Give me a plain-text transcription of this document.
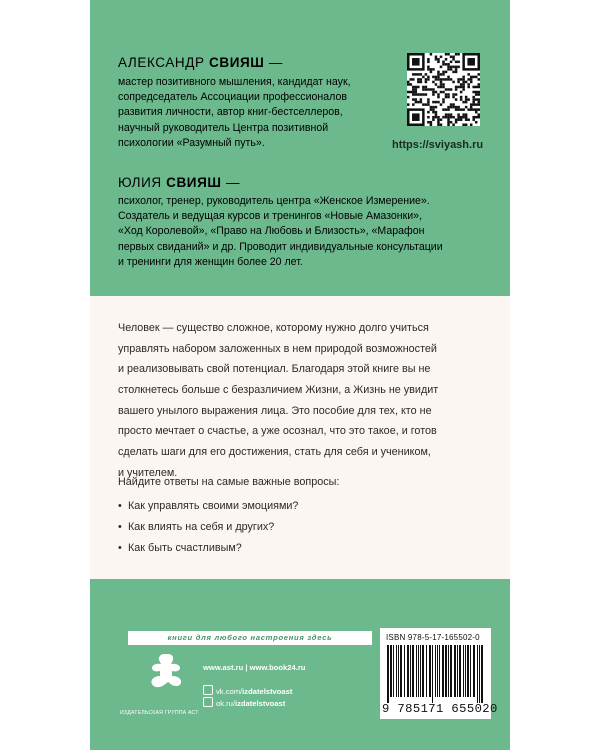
АЛЕКСАНДР СВИЯШ —
мастер позитивного мышления, кандидат наук,
сопредседатель Ассоциации профессионалов
развития личности, автор книг-бестселлеров,
научный руководитель Центра позитивной
психологии «Разумный путь».	https://sviyash.ru
ЮЛИЯ СВИЯШ —
психолог, тренер, руководитель центра «Женское Измерение».
Создатель и ведущая курсов и тренингов «Новые Амазонки»,
«Ход Королевой», «Право на Любовь и Близость», «Марафон
первых свиданий» и др. Проводит индивидуальные консультации
и тренинги для женщин более 20 лет.
Человек — существо сложное, которому нужно долго учиться
управлять набором заложенных в нем природой возможностей
и реализовывать свой потенциал. Благодаря этой книге вы не
столкнетесь больше с безразличием Жизни, а Жизнь не увидит
вашего унылого выражения лица. Это пособие для тех, кто не
просто мечтает о счастье, а уже осознал, что это такое, и готов
сделать шаги для его достижения, стать для себя и учеником,
и учителем.
Найдите ответы на самые важные вопросы:
• Как управлять своими эмоциями?
• Как влиять на себя и других?
• Как быть счастливым?
книги для любого настроения здесь
ИЗДАТЕЛЬСКАЯ ГРУППА АСТ
www.ast.ru | www.book24.ru
vk.com/izdatelstvoast
ok.ru/izdatelstvoast
ISBN 978-5-17-165502-0
9 785171 655020
